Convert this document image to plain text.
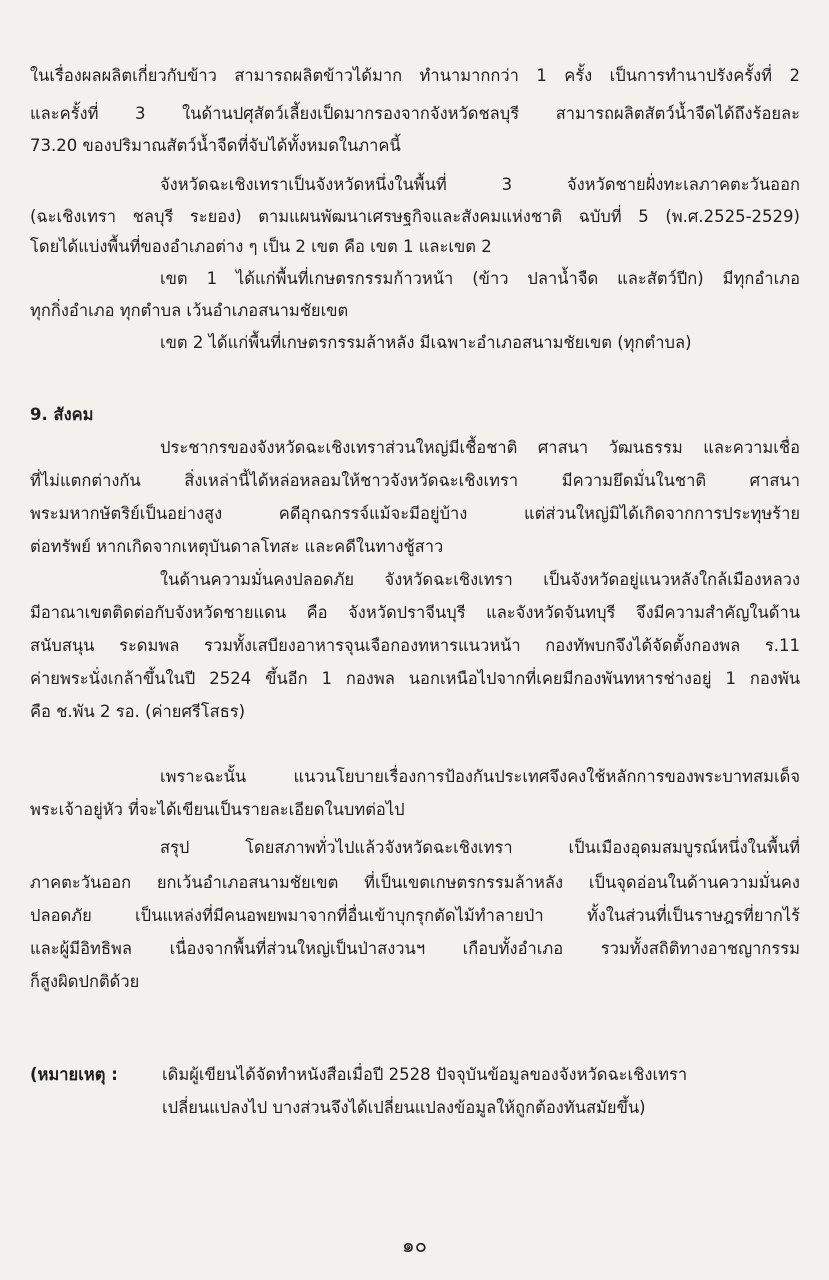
ในเรื่องผลผลิตเกี่ยวกับข้าว สามารถผลิตข้าวได้มาก ทำนามากกว่า 1 ครั้ง เป็นการทำนาปรังครั้งที่ 2
และครั้งที่ 3 ในด้านปศุสัตว์เลี้ยงเป็ดมากรองจากจังหวัดชลบุรี สามารถผลิตสัตว์น้ำจืดได้ถึงร้อยละ
73.20 ของปริมาณสัตว์น้ำจืดที่จับได้ทั้งหมดในภาคนี้
จังหวัดฉะเชิงเทราเป็นจังหวัดหนึ่งในพื้นที่ 3 จังหวัดชายฝั่งทะเลภาคตะวันออก
(ฉะเชิงเทรา ชลบุรี ระยอง) ตามแผนพัฒนาเศรษฐกิจและสังคมแห่งชาติ ฉบับที่ 5 (พ.ศ.2525-2529)
โดยได้แบ่งพื้นที่ของอำเภอต่าง ๆ เป็น 2 เขต คือ เขต 1 และเขต 2
เขต 1 ได้แก่พื้นที่เกษตรกรรมก้าวหน้า (ข้าว ปลาน้ำจืด และสัตว์ปีก) มีทุกอำเภอ
ทุกกิ่งอำเภอ ทุกตำบล เว้นอำเภอสนามชัยเขต
เขต 2 ได้แก่พื้นที่เกษตรกรรมล้าหลัง มีเฉพาะอำเภอสนามชัยเขต (ทุกตำบล)
9. สังคม
ประชากรของจังหวัดฉะเชิงเทราส่วนใหญ่มีเชื้อชาติ ศาสนา วัฒนธรรม และความเชื่อ
ที่ไม่แตกต่างกัน สิ่งเหล่านี้ได้หล่อหลอมให้ชาวจังหวัดฉะเชิงเทรา มีความยึดมั่นในชาติ ศาสนา
พระมหากษัตริย์เป็นอย่างสูง คดีอุกฉกรรจ์แม้จะมีอยู่บ้าง แต่ส่วนใหญ่มิได้เกิดจากการประทุษร้าย
ต่อทรัพย์ หากเกิดจากเหตุบันดาลโทสะ และคดีในทางชู้สาว
ในด้านความมั่นคงปลอดภัย จังหวัดฉะเชิงเทรา เป็นจังหวัดอยู่แนวหลังใกล้เมืองหลวง
มีอาณาเขตติดต่อกับจังหวัดชายแดน คือ จังหวัดปราจีนบุรี และจังหวัดจันทบุรี จึงมีความสำคัญในด้าน
สนับสนุน ระดมพล รวมทั้งเสบียงอาหารจุนเจือกองทหารแนวหน้า กองทัพบกจึงได้จัดตั้งกองพล ร.11
ค่ายพระนั่งเกล้าขึ้นในปี 2524 ขึ้นอีก 1 กองพล นอกเหนือไปจากที่เคยมีกองพันทหารช่างอยู่ 1 กองพัน
คือ ช.พัน 2 รอ. (ค่ายศรีโสธร)
เพราะฉะนั้น แนวนโยบายเรื่องการป้องกันประเทศจึงคงใช้หลักการของพระบาทสมเด็จ
พระเจ้าอยู่หัว ที่จะได้เขียนเป็นรายละเอียดในบทต่อไป
สรุป โดยสภาพทั่วไปแล้วจังหวัดฉะเชิงเทรา เป็นเมืองอุดมสมบูรณ์หนึ่งในพื้นที่
ภาคตะวันออก ยกเว้นอำเภอสนามชัยเขต ที่เป็นเขตเกษตรกรรมล้าหลัง เป็นจุดอ่อนในด้านความมั่นคง
ปลอดภัย เป็นแหล่งที่มีคนอพยพมาจากที่อื่นเข้าบุกรุกตัดไม้ทำลายป่า ทั้งในส่วนที่เป็นราษฎรที่ยากไร้
และผู้มีอิทธิพล เนื่องจากพื้นที่ส่วนใหญ่เป็นป่าสงวนฯ เกือบทั้งอำเภอ รวมทั้งสถิติทางอาชญากรรม
ก็สูงผิดปกติด้วย
(หมายเหตุ :	เดิมผู้เขียนได้จัดทำหนังสือเมื่อปี 2528 ปัจจุบันข้อมูลของจังหวัดฉะเชิงเทรา
เปลี่ยนแปลงไป บางส่วนจึงได้เปลี่ยนแปลงข้อมูลให้ถูกต้องทันสมัยขึ้น)
๑๐
